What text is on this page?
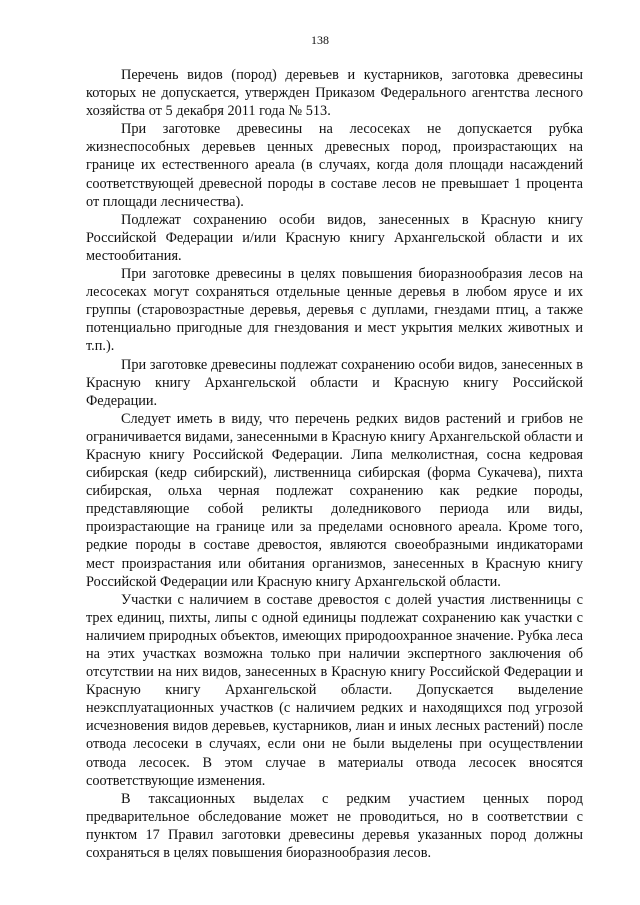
138

Перечень видов (пород) деревьев и кустарников, заготовка древесины которых не допускается, утвержден Приказом Федерального агентства лесного хозяйства от 5 декабря 2011 года № 513.

При заготовке древесины на лесосеках не допускается рубка жизнеспособных деревьев ценных древесных пород, произрастающих на границе их естественного ареала (в случаях, когда доля площади насаждений соответствующей древесной породы в составе лесов не превышает 1 процента от площади лесничества).

Подлежат сохранению особи видов, занесенных в Красную книгу Российской Федерации и/или Красную книгу Архангельской области и их местообитания.

При заготовке древесины в целях повышения биоразнообразия лесов на лесосеках могут сохраняться отдельные ценные деревья в любом ярусе и их группы (старовозрастные деревья, деревья с дуплами, гнездами птиц, а также потенциально пригодные для гнездования и мест укрытия мелких животных и т.п.).

При заготовке древесины подлежат сохранению особи видов, занесенных в Красную книгу Архангельской области и Красную книгу Российской Федерации.

Следует иметь в виду, что перечень редких видов растений и грибов не ограничивается видами, занесенными в Красную книгу Архангельской области и Красную книгу Российской Федерации. Липа мелколистная, сосна кедровая сибирская (кедр сибирский), лиственница сибирская (форма Сукачева), пихта сибирская, ольха черная подлежат сохранению как редкие породы, представляющие собой реликты доледникового периода или виды, произрастающие на границе или за пределами основного ареала. Кроме того, редкие породы в составе древостоя, являются своеобразными индикаторами мест произрастания или обитания организмов, занесенных в Красную книгу Российской Федерации или Красную книгу Архангельской области.

Участки с наличием в составе древостоя с долей участия лиственницы с трех единиц, пихты, липы с одной единицы подлежат сохранению как участки с наличием природных объектов, имеющих природоохранное значение. Рубка леса на этих участках возможна только при наличии экспертного заключения об отсутствии на них видов, занесенных в Красную книгу Российской Федерации и Красную книгу Архангельской области. Допускается выделение неэксплуатационных участков (с наличием редких и находящихся под угрозой исчезновения видов деревьев, кустарников, лиан и иных лесных растений) после отвода лесосеки в случаях, если они не были выделены при осуществлении отвода лесосек. В этом случае в материалы отвода лесосек вносятся соответствующие изменения.

В таксационных выделах с редким участием ценных пород предварительное обследование может не проводиться, но в соответствии с пунктом 17 Правил заготовки древесины деревья указанных пород должны сохраняться в целях повышения биоразнообразия лесов.
